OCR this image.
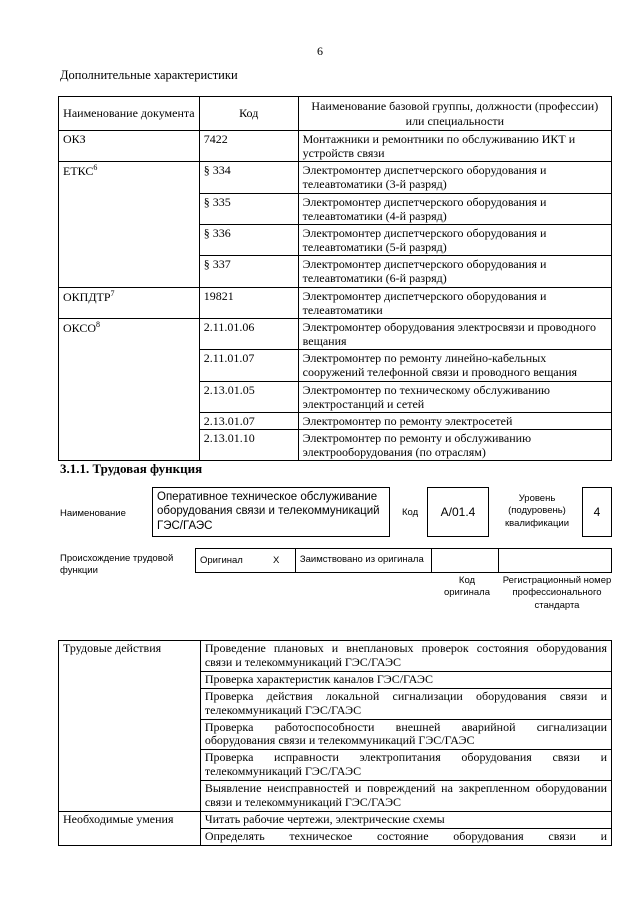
6
Дополнительные характеристики
Наименование документа	Код	Наименование базовой группы, должности (профессии) или специальности
ОКЗ	7422	Монтажники и ремонтники по обслуживанию ИКТ и устройств связи
ЕТКС$^6$	§ 334	Электромонтер диспетчерского оборудования и телеавтоматики (3-й разряд)
	§ 335	Электромонтер диспетчерского оборудования и телеавтоматики (4-й разряд)
	§ 336	Электромонтер диспетчерского оборудования и телеавтоматики (5-й разряд)
	§ 337	Электромонтер диспетчерского оборудования и телеавтоматики (6-й разряд)
ОКПДТР$^7$	19821	Электромонтер диспетчерского оборудования и телеавтоматики
ОКСО$^8$	2.11.01.06	Электромонтер оборудования электросвязи и проводного вещания
	2.11.01.07	Электромонтер по ремонту линейно-кабельных сооружений телефонной связи и проводного вещания
	2.13.01.05	Электромонтер по техническому обслуживанию электростанций и сетей
	2.13.01.07	Электромонтер по ремонту электросетей
	2.13.01.10	Электромонтер по ремонту и обслуживанию электрооборудования (по отраслям)
3.1.1. Трудовая функция
Наименование
Оперативное техническое обслуживание оборудования связи и телекоммуникаций ГЭС/ГАЭС
Код	A/01.4
Уровень (подуровень) квалификации
4
Происхождение трудовой функции
Оригинал	X	Заимствовано из оригинала		
Код оригинала
Регистрационный номер профессионального стандарта
Трудовые действия	Проведение плановых и внеплановых проверок состояния оборудования связи и телекоммуникаций ГЭС/ГАЭС
	Проверка характеристик каналов ГЭС/ГАЭС
	Проверка действия локальной сигнализации оборудования связи и телекоммуникаций ГЭС/ГАЭС
	Проверка работоспособности внешней аварийной сигнализации оборудования связи и телекоммуникаций ГЭС/ГАЭС
	Проверка исправности электропитания оборудования связи и телекоммуникаций ГЭС/ГАЭС
	Выявление неисправностей и повреждений на закрепленном оборудовании связи и телекоммуникаций ГЭС/ГАЭС
Необходимые умения	Читать рабочие чертежи, электрические схемы
	Определять техническое состояние оборудования связи и
